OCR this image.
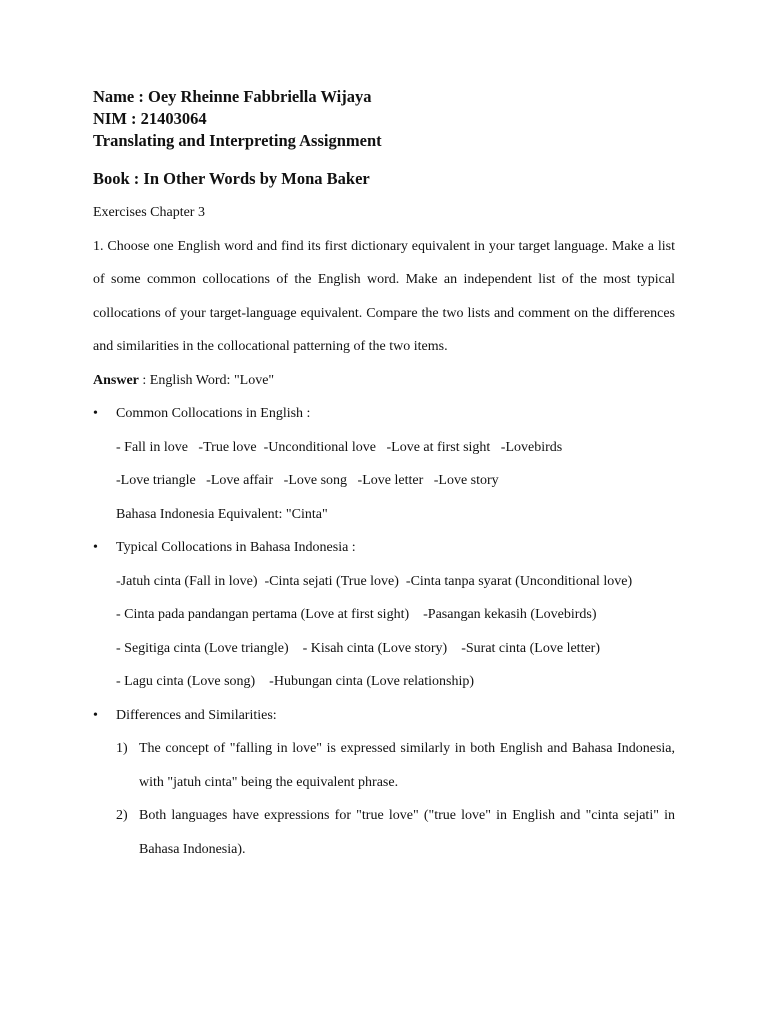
Name : Oey Rheinne Fabbriella Wijaya

NIM : 21403064

Translating and Interpreting Assignment

Book : In Other Words by Mona Baker

Exercises Chapter 3

1. Choose one English word and find its first dictionary equivalent in your target language. Make a list of some common collocations of the English word. Make an independent list of the most typical collocations of your target-language equivalent. Compare the two lists and comment on the differences and similarities in the collocational patterning of the two items.

Answer : English Word: "Love"

• Common Collocations in English :
- Fall in love   -True love  -Unconditional love   -Love at first sight   -Lovebirds
-Love triangle   -Love affair   -Love song   -Love letter   -Love story
Bahasa Indonesia Equivalent: "Cinta"
• Typical Collocations in Bahasa Indonesia :
-Jatuh cinta (Fall in love)  -Cinta sejati (True love)  -Cinta tanpa syarat (Unconditional love)
- Cinta pada pandangan pertama (Love at first sight)    -Pasangan kekasih (Lovebirds)
- Segitiga cinta (Love triangle)    - Kisah cinta (Love story)    -Surat cinta (Love letter)
- Lagu cinta (Love song)    -Hubungan cinta (Love relationship)
• Differences and Similarities:
1) The concept of "falling in love" is expressed similarly in both English and Bahasa Indonesia, with "jatuh cinta" being the equivalent phrase.
2) Both languages have expressions for "true love" ("true love" in English and "cinta sejati" in Bahasa Indonesia).
